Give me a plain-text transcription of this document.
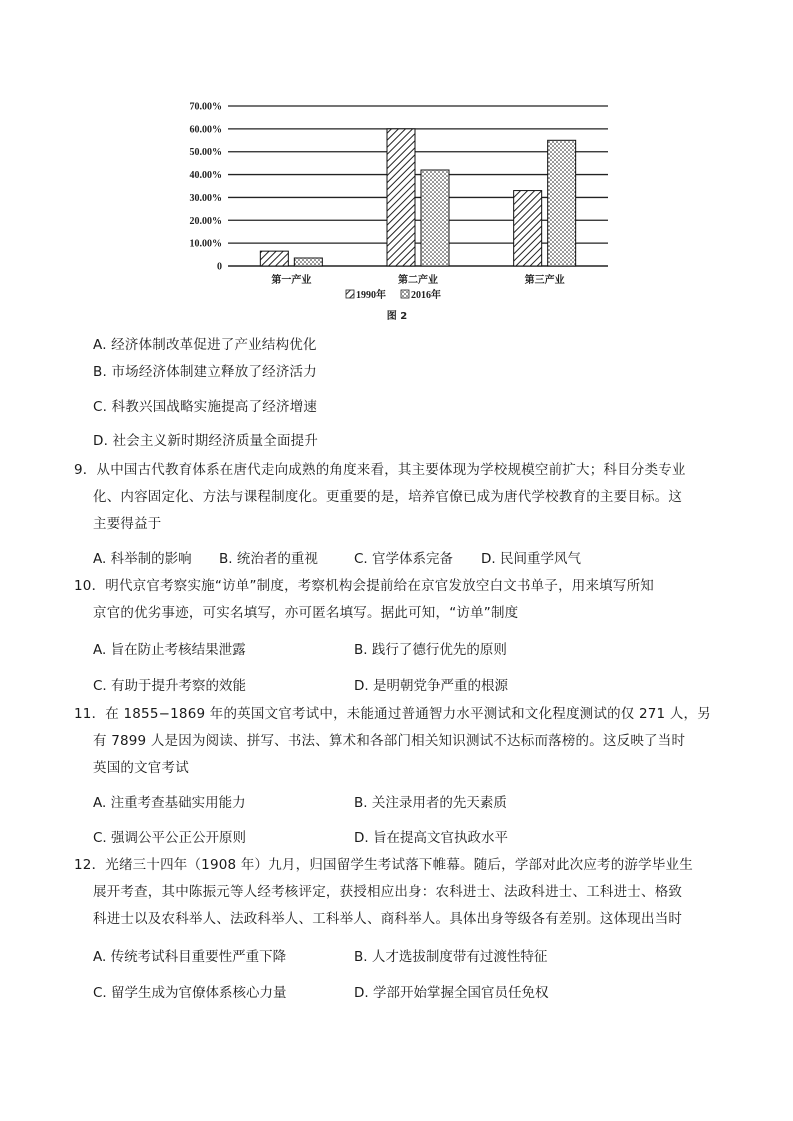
70.00%
60.00%
50.00%
40.00%
30.00%
20.00%
10.00%
0
第一产业	第二产业	第三产业
1990年	2016年
图 2
A. 经济体制改革促进了产业结构优化
B. 市场经济体制建立释放了经济活力
C. 科教兴国战略实施提高了经济增速
D. 社会主义新时期经济质量全面提升
9．从中国古代教育体系在唐代走向成熟的角度来看，其主要体现为学校规模空前扩大；科目分类专业
化、内容固定化、方法与课程制度化。更重要的是，培养官僚已成为唐代学校教育的主要目标。这
主要得益于
A. 科举制的影响 B. 统治者的重视	C. 官学体系完备 D. 民间重学风气
10．明代京官考察实施“访单”制度，考察机构会提前给在京官发放空白文书单子，用来填写所知
京官的优劣事迹，可实名填写，亦可匿名填写。据此可知，“访单”制度
A. 旨在防止考核结果泄露	B. 践行了德行优先的原则
C. 有助于提升考察的效能	D. 是明朝党争严重的根源
11．在 1855−1869 年的英国文官考试中，未能通过普通智力水平测试和文化程度测试的仅 271 人，另
有 7899 人是因为阅读、拼写、书法、算术和各部门相关知识测试不达标而落榜的。这反映了当时
英国的文官考试
A. 注重考查基础实用能力	B. 关注录用者的先天素质
C. 强调公平公正公开原则	D. 旨在提高文官执政水平
12．光绪三十四年（1908 年）九月，归国留学生考试落下帷幕。随后，学部对此次应考的游学毕业生
展开考查，其中陈振元等人经考核评定，获授相应出身：农科进士、法政科进士、工科进士、格致
科进士以及农科举人、法政科举人、工科举人、商科举人。具体出身等级各有差别。这体现出当时
A. 传统考试科目重要性严重下降	B. 人才选拔制度带有过渡性特征
C. 留学生成为官僚体系核心力量	D. 学部开始掌握全国官员任免权
